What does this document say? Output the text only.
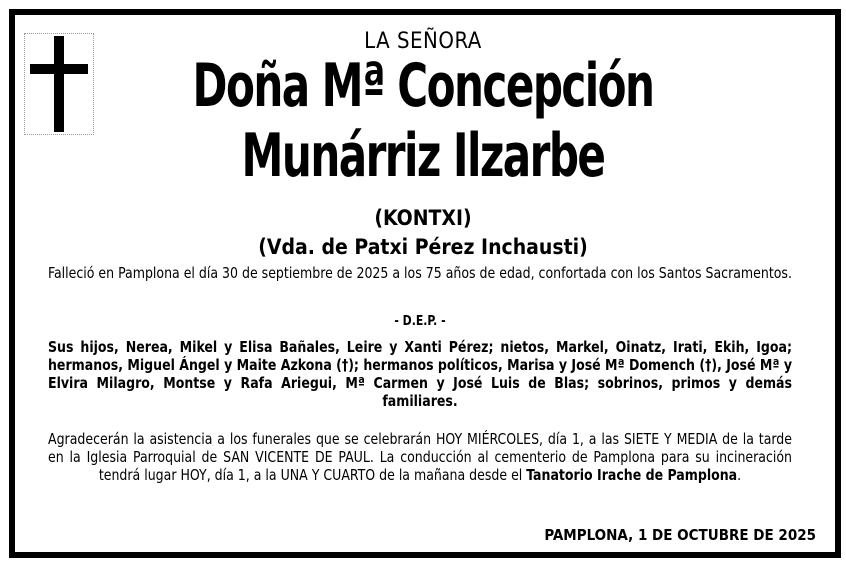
LA SEÑORA
Doña Mª Concepción
Munárriz Ilzarbe
(KONTXI)
(Vda. de Patxi Pérez Inchausti)
Falleció en Pamplona el día 30 de septiembre de 2025 a los 75 años de edad, confortada con los Santos Sacramentos.
- D.E.P. -
Sus hijos, Nerea, Mikel y Elisa Bañales, Leire y Xanti Pérez; nietos, Markel, Oinatz, Irati, Ekih, Igoa; hermanos, Miguel Ángel y Maite Azkona (†); hermanos políticos, Marisa y José Mª Domench (†), José Mª y Elvira Milagro, Montse y Rafa Ariegui, Mª Carmen y José Luis de Blas; sobrinos, primos y demás familiares.
Agradecerán la asistencia a los funerales que se celebrarán HOY MIÉRCOLES, día 1, a las SIETE Y MEDIA de la tarde en la Iglesia Parroquial de SAN VICENTE DE PAUL. La conducción al cementerio de Pamplona para su incineración tendrá lugar HOY, día 1, a la UNA Y CUARTO de la mañana desde el Tanatorio Irache de Pamplona.
PAMPLONA, 1 DE OCTUBRE DE 2025
